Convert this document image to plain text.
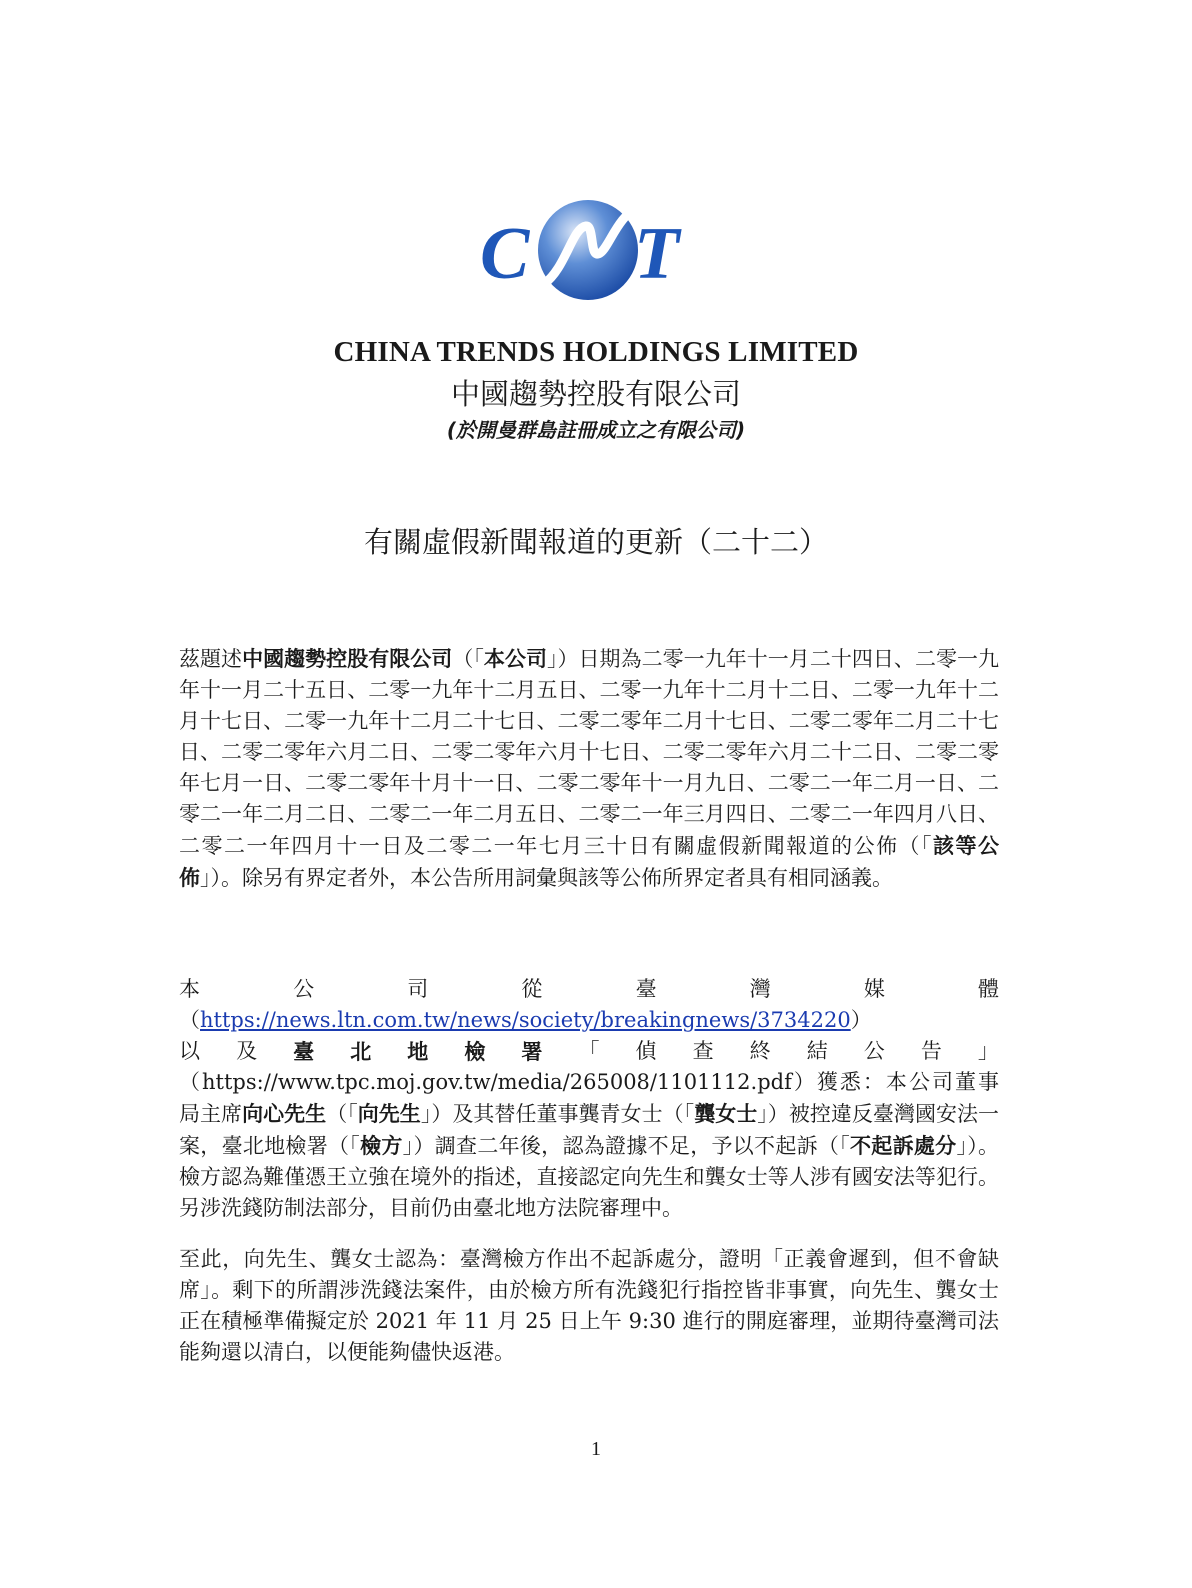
C T
CHINA TRENDS HOLDINGS LIMITED
中國趨勢控股有限公司
(於開曼群島註冊成立之有限公司)
有關虛假新聞報道的更新（二十二）
茲題述中國趨勢控股有限公司（「本公司」）日期為二零一九年十一月二十四日、二零一九年十一月二十五日、二零一九年十二月五日、二零一九年十二月十二日、二零一九年十二月十七日、二零一九年十二月二十七日、二零二零年二月十七日、二零二零年二月二十七日、二零二零年六月二日、二零二零年六月十七日、二零二零年六月二十二日、二零二零年七月一日、二零二零年十月十一日、二零二零年十一月九日、二零二一年二月一日、二零二一年二月二日、二零二一年二月五日、二零二一年三月四日、二零二一年四月八日、二零二一年四月十一日及二零二一年七月三十日有關虛假新聞報道的公佈（「該等公佈」）。除另有界定者外，本公告所用詞彙與該等公佈所界定者具有相同涵義。
本公司從臺灣媒體（https://news.ltn.com.tw/news/society/breakingnews/3734220）
以 及 臺 北 地 檢 署 「 偵 查 終 結 公 告 」
（https://www.tpc.moj.gov.tw/media/265008/1101112.pdf）獲悉：本公司董事局主席向心先生（「向先生」）及其替任董事龔青女士（「龔女士」）被控違反臺灣國安法一案，臺北地檢署（「檢方」）調查二年後，認為證據不足，予以不起訴（「不起訴處分」）。檢方認為難僅憑王立強在境外的指述，直接認定向先生和龔女士等人涉有國安法等犯行。另涉洗錢防制法部分，目前仍由臺北地方法院審理中。
至此，向先生、龔女士認為：臺灣檢方作出不起訴處分，證明「正義會遲到，但不會缺席」。剩下的所謂涉洗錢法案件，由於檢方所有洗錢犯行指控皆非事實，向先生、龔女士正在積極準備擬定於 2021 年 11 月 25 日上午 9:30 進行的開庭審理，並期待臺灣司法能夠還以清白，以便能夠儘快返港。
1
